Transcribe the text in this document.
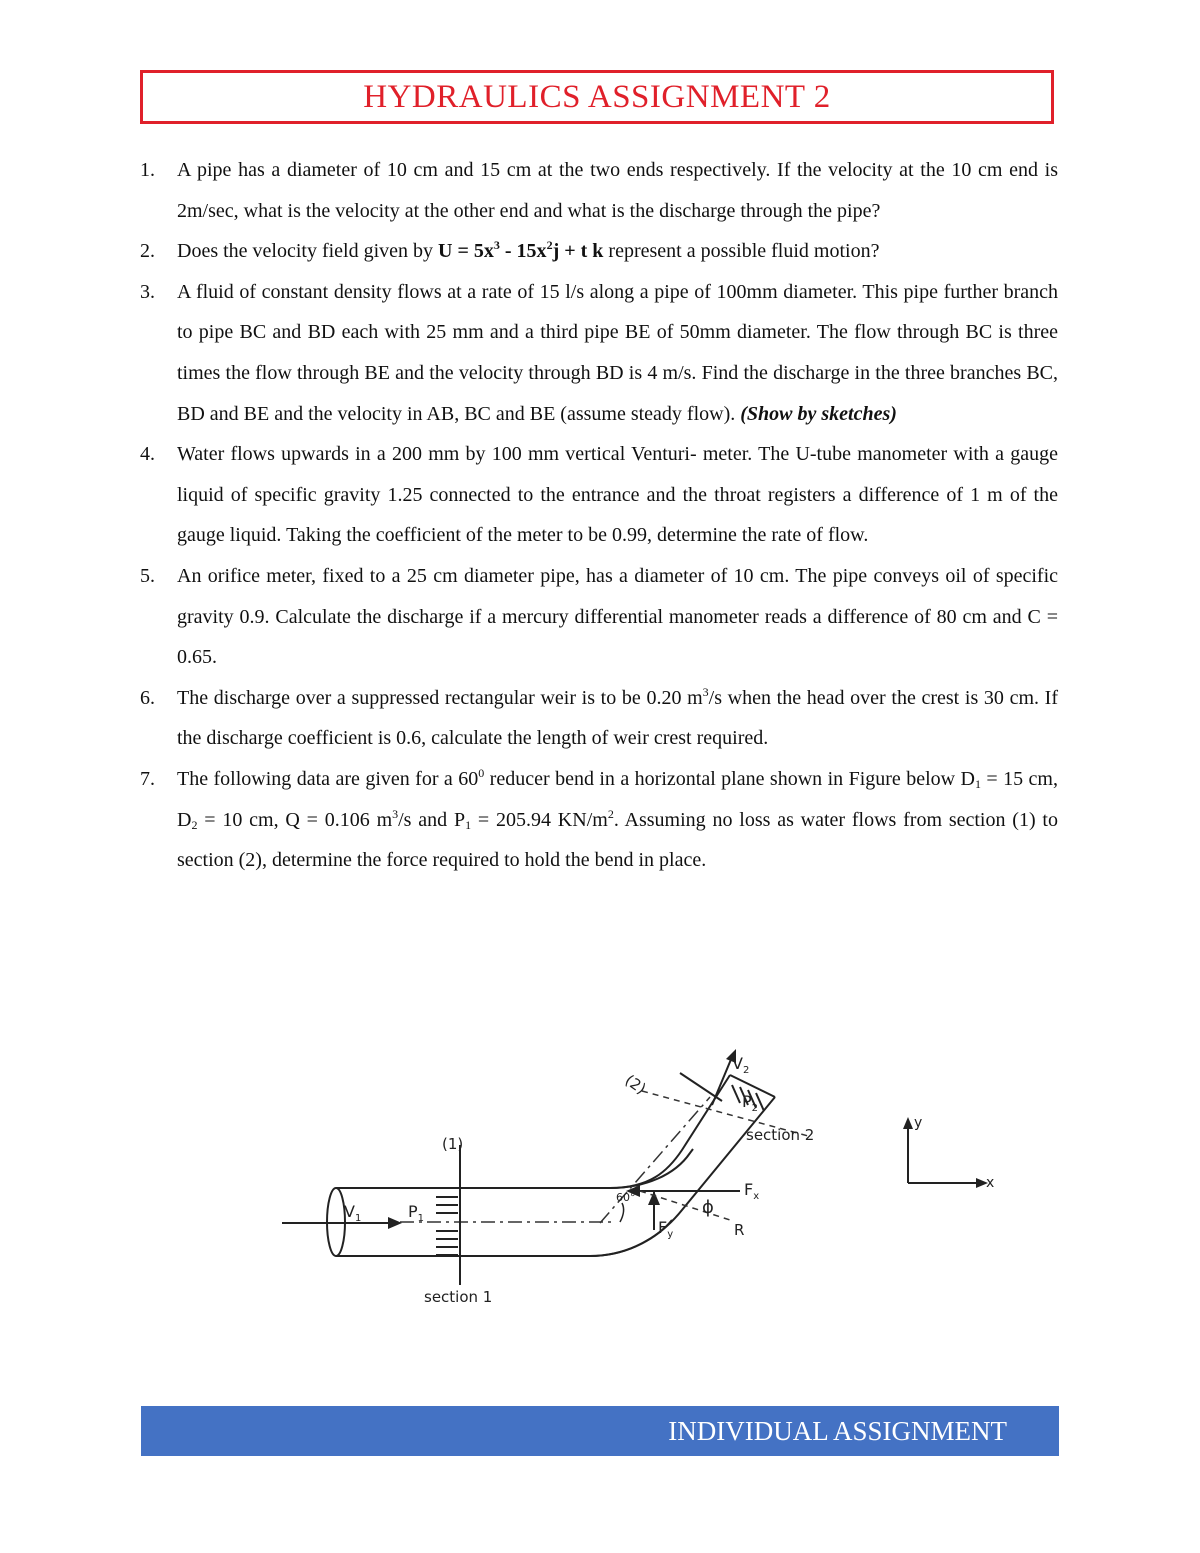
HYDRAULICS ASSIGNMENT 2
1. A pipe has a diameter of 10 cm and 15 cm at the two ends respectively. If the velocity at the 10 cm end is 2m/sec, what is the velocity at the other end and what is the discharge through the pipe?
2. Does the velocity field given by $U = 5x^3 - 15x^2j + t$ k represent a possible fluid motion?
3. A fluid of constant density flows at a rate of 15 l/s along a pipe of 100mm diameter. This pipe further branch to pipe BC and BD each with 25 mm and a third pipe BE of 50mm diameter. The flow through BC is three times the flow through BE and the velocity through BD is 4 m/s. Find the discharge in the three branches BC, BD and BE and the velocity in AB, BC and BE (assume steady flow). (Show by sketches)
4. Water flows upwards in a 200 mm by 100 mm vertical Venturi- meter. The U-tube manometer with a gauge liquid of specific gravity 1.25 connected to the entrance and the throat registers a difference of 1 m of the gauge liquid. Taking the coefficient of the meter to be 0.99, determine the rate of flow.
5. An orifice meter, fixed to a 25 cm diameter pipe, has a diameter of 10 cm. The pipe conveys oil of specific gravity 0.9. Calculate the discharge if a mercury differential manometer reads a difference of 80 cm and C = 0.65.
6. The discharge over a suppressed rectangular weir is to be 0.20 $m^3/s$ when the head over the crest is 30 cm. If the discharge coefficient is 0.6, calculate the length of weir crest required.
7. The following data are given for a $60^0$ reducer bend in a horizontal plane shown in Figure below $D_1 = 15$ cm, $D_2 = 10$ cm, Q = 0.106 $m^3/s$ and $P_1 = 205.94$ $KN/m^2$. Assuming no loss as water flows from section (1) to section (2), determine the force required to hold the bend in place.
$V_1$	$P_1$
(1)
section 1
(2)
section 2
$V_2$
$P_2$
60°	$F_x$
$F_y$
ϕ
R
y
x
INDIVIDUAL ASSIGNMENT
